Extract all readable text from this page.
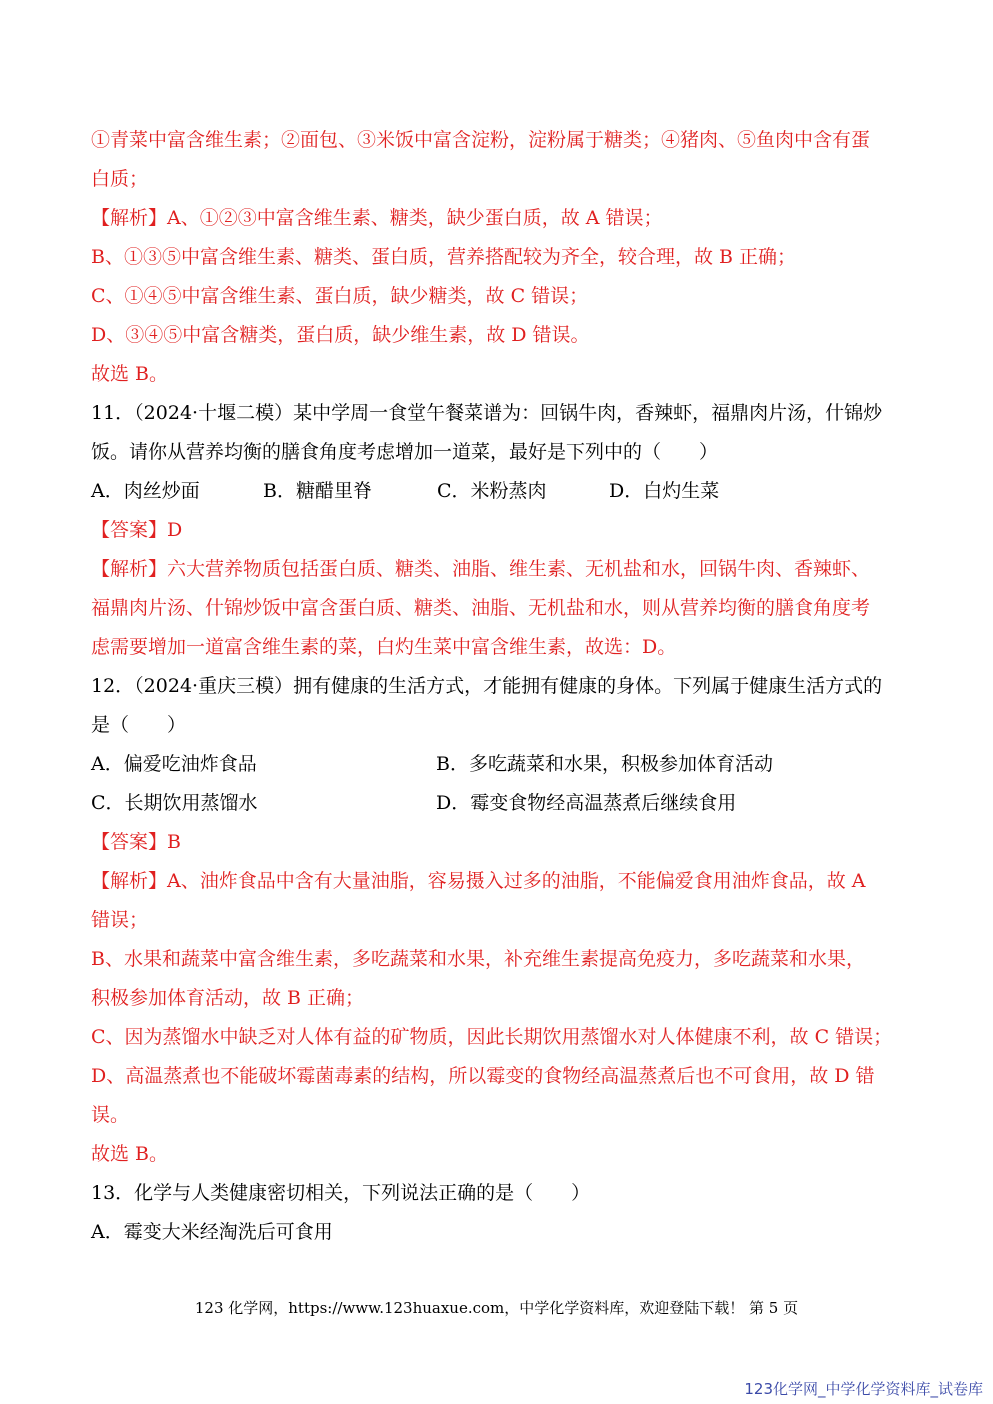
①青菜中富含维生素；②面包、③米饭中富含淀粉，淀粉属于糖类；④猪肉、⑤鱼肉中含有蛋
白质；
【解析】A、①②③中富含维生素、糖类，缺少蛋白质，故 A 错误；
B、①③⑤中富含维生素、糖类、蛋白质，营养搭配较为齐全，较合理，故 B 正确；
C、①④⑤中富含维生素、蛋白质，缺少糖类，故 C 错误；
D、③④⑤中富含糖类，蛋白质，缺少维生素，故 D 错误。
故选 B。
11．（2024·十堰二模）某中学周一食堂午餐菜谱为：回锅牛肉，香辣虾，福鼎肉片汤，什锦炒
饭。请你从营养均衡的膳食角度考虑增加一道菜，最好是下列中的（　　）
A．肉丝炒面	B．糖醋里脊	C．米粉蒸肉	D．白灼生菜
【答案】D
【解析】六大营养物质包括蛋白质、糖类、油脂、维生素、无机盐和水，回锅牛肉、香辣虾、
福鼎肉片汤、什锦炒饭中富含蛋白质、糖类、油脂、无机盐和水，则从营养均衡的膳食角度考
虑需要增加一道富含维生素的菜，白灼生菜中富含维生素，故选：D。
12．（2024·重庆三模）拥有健康的生活方式，才能拥有健康的身体。下列属于健康生活方式的
是（　　）
A．偏爱吃油炸食品	B．多吃蔬菜和水果，积极参加体育活动
C．长期饮用蒸馏水	D．霉变食物经高温蒸煮后继续食用
【答案】B
【解析】A、油炸食品中含有大量油脂，容易摄入过多的油脂，不能偏爱食用油炸食品，故 A
错误；
B、水果和蔬菜中富含维生素，多吃蔬菜和水果，补充维生素提高免疫力，多吃蔬菜和水果，
积极参加体育活动，故 B 正确；
C、因为蒸馏水中缺乏对人体有益的矿物质，因此长期饮用蒸馏水对人体健康不利，故 C 错误；
D、高温蒸煮也不能破坏霉菌毒素的结构，所以霉变的食物经高温蒸煮后也不可食用，故 D 错
误。
故选 B。
13．化学与人类健康密切相关，下列说法正确的是（　　）
A．霉变大米经淘洗后可食用
123 化学网，https://www.123huaxue.com，中学化学资料库，欢迎登陆下载！ 第 5 页
123化学网_中学化学资料库_试卷库
